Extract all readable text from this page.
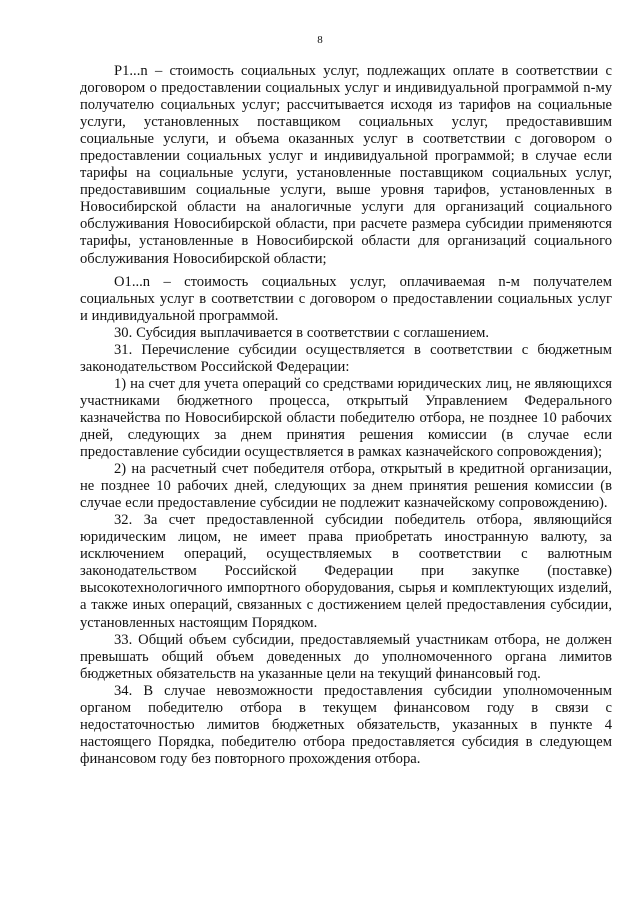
8

P1...n – стоимость социальных услуг, подлежащих оплате в соответствии с договором о предоставлении социальных услуг и индивидуальной программой n-му получателю социальных услуг; рассчитывается исходя из тарифов на социальные услуги, установленных поставщиком социальных услуг, предоставившим социальные услуги, и объема оказанных услуг в соответствии с договором о предоставлении социальных услуг и индивидуальной программой; в случае если тарифы на социальные услуги, установленные поставщиком социальных услуг, предоставившим социальные услуги, выше уровня тарифов, установленных в Новосибирской области на аналогичные услуги для организаций социального обслуживания Новосибирской области, при расчете размера субсидии применяются тарифы, установленные в Новосибирской области для организаций социального обслуживания Новосибирской области;

O1...n – стоимость социальных услуг, оплачиваемая n-м получателем социальных услуг в соответствии с договором о предоставлении социальных услуг и индивидуальной программой.

30. Субсидия выплачивается в соответствии с соглашением.

31. Перечисление субсидии осуществляется в соответствии с бюджетным законодательством Российской Федерации:

1) на счет для учета операций со средствами юридических лиц, не являющихся участниками бюджетного процесса, открытый Управлением Федерального казначейства по Новосибирской области победителю отбора, не позднее 10 рабочих дней, следующих за днем принятия решения комиссии (в случае если предоставление субсидии осуществляется в рамках казначейского сопровождения);

2) на расчетный счет победителя отбора, открытый в кредитной организации, не позднее 10 рабочих дней, следующих за днем принятия решения комиссии (в случае если предоставление субсидии не подлежит казначейскому сопровождению).

32. За счет предоставленной субсидии победитель отбора, являющийся юридическим лицом, не имеет права приобретать иностранную валюту, за исключением операций, осуществляемых в соответствии с валютным законодательством Российской Федерации при закупке (поставке) высокотехнологичного импортного оборудования, сырья и комплектующих изделий, а также иных операций, связанных с достижением целей предоставления субсидии, установленных настоящим Порядком.

33. Общий объем субсидии, предоставляемый участникам отбора, не должен превышать общий объем доведенных до уполномоченного органа лимитов бюджетных обязательств на указанные цели на текущий финансовый год.

34. В случае невозможности предоставления субсидии уполномоченным органом победителю отбора в текущем финансовом году в связи с недостаточностью лимитов бюджетных обязательств, указанных в пункте 4 настоящего Порядка, победителю отбора предоставляется субсидия в следующем финансовом году без повторного прохождения отбора.
